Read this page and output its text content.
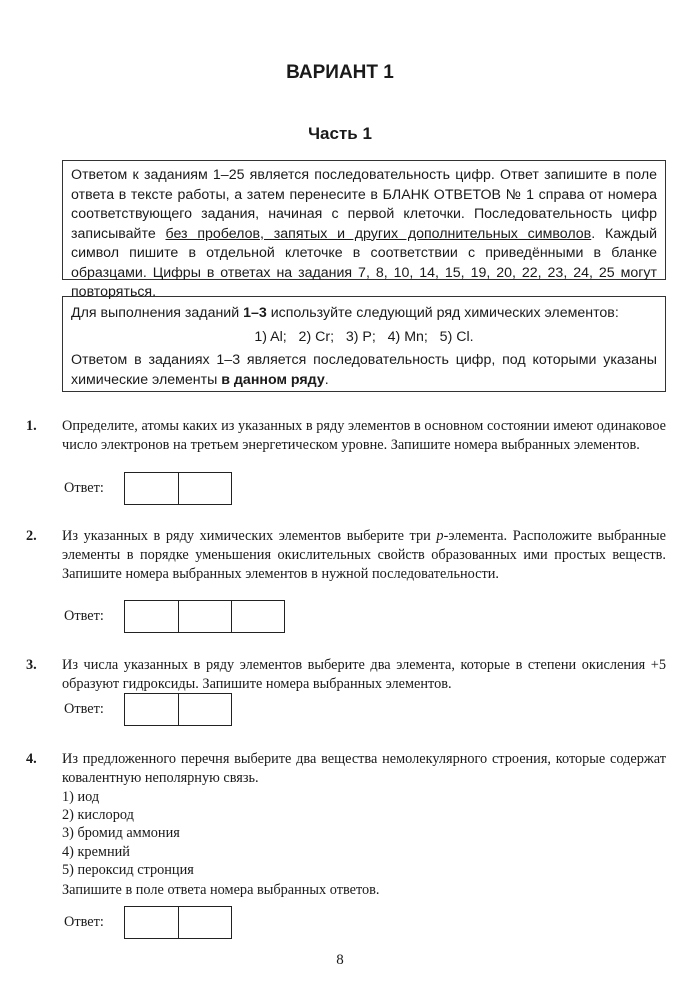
ВАРИАНТ 1
Часть 1

Ответом к заданиям 1–25 является последовательность цифр. Ответ запишите в поле ответа в тексте работы, а затем перенесите в БЛАНК ОТВЕТОВ № 1 справа от номера соответствующего задания, начиная с первой клеточки. Последовательность цифр записывайте без пробелов, запятых и других дополнительных символов. Каждый символ пишите в отдельной клеточке в соответствии с приведёнными в бланке образцами. Цифры в ответах на задания 7, 8, 10, 14, 15, 19, 20, 22, 23, 24, 25 могут повторяться.

Для выполнения заданий 1–3 используйте следующий ряд химических элементов:

1) Al;   2) Cr;   3) P;   4) Mn;   5) Cl.

Ответом в заданиях 1–3 является последовательность цифр, под которыми указаны химические элементы в данном ряду.

1. Определите, атомы каких из указанных в ряду элементов в основном состоянии имеют одинаковое число электронов на третьем энергетическом уровне. Запишите номера выбранных элементов.

Ответ:
2. Из указанных в ряду химических элементов выберите три p-элемента. Расположите выбранные элементы в порядке уменьшения окислительных свойств образованных ими простых веществ. Запишите номера выбранных элементов в нужной последовательности.

Ответ:
3. Из числа указанных в ряду элементов выберите два элемента, которые в степени окисления +5 образуют гидроксиды. Запишите номера выбранных элементов.

Ответ:
4. Из предложенного перечня выберите два вещества немолекулярного строения, которые содержат ковалентную неполярную связь.

1) иод
2) кислород
3) бромид аммония
4) кремний
5) пероксид стронция
Запишите в поле ответа номера выбранных ответов.
Ответ:
8
